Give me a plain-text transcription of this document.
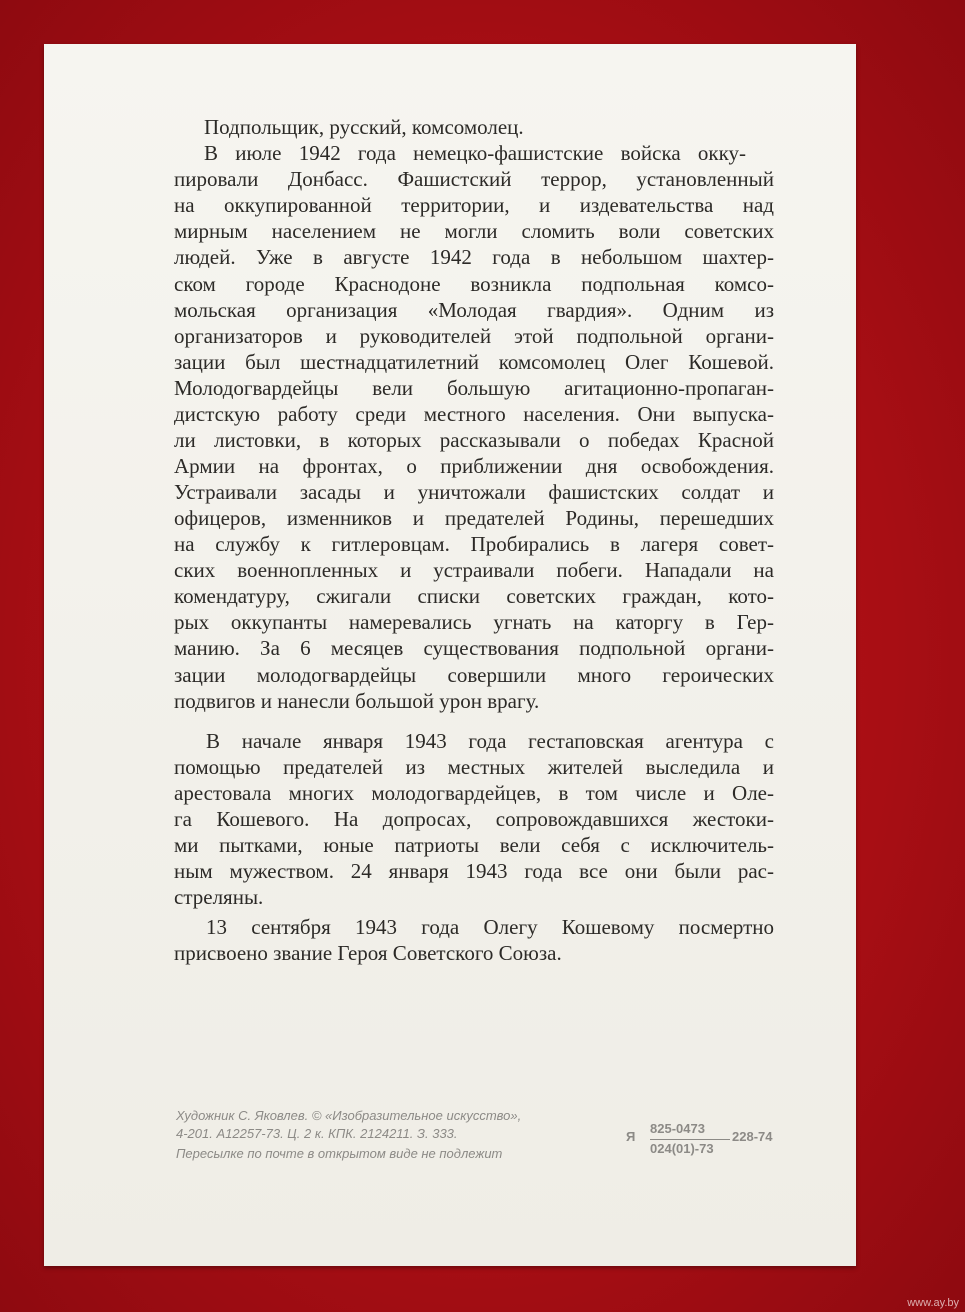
Подпольщик, русский, комсомолец.
В июле 1942 года немецко-фашистские войска окку-
пировали Донбасс. Фашистский террор, установленный
на оккупированной территории, и издевательства над
мирным населением не могли сломить воли советских
людей. Уже в августе 1942 года в небольшом шахтер-
ском городе Краснодоне возникла подпольная комсо-
мольская организация «Молодая гвардия». Одним из
организаторов и руководителей этой подпольной органи-
зации был шестнадцатилетний комсомолец Олег Кошевой.
Молодогвардейцы вели большую агитационно-пропаган-
дистскую работу среди местного населения. Они выпуска-
ли листовки, в которых рассказывали о победах Красной
Армии на фронтах, о приближении дня освобождения.
Устраивали засады и уничтожали фашистских солдат и
офицеров, изменников и предателей Родины, перешедших
на службу к гитлеровцам. Пробирались в лагеря совет-
ских военнопленных и устраивали побеги. Нападали на
комендатуру, сжигали списки советских граждан, кото-
рых оккупанты намеревались угнать на каторгу в Гер-
манию. За 6 месяцев существования подпольной органи-
зации молодогвардейцы совершили много героических
подвигов и нанесли большой урон врагу.
В начале января 1943 года гестаповская агентура с
помощью предателей из местных жителей выследила и
арестовала многих молодогвардейцев, в том числе и Оле-
га Кошевого. На допросах, сопровождавшихся жестоки-
ми пытками, юные патриоты вели себя с исключитель-
ным мужеством. 24 января 1943 года все они были рас-
стреляны.
13 сентября 1943 года Олегу Кошевому посмертно
присвоено звание Героя Советского Союза.
Художник С. Яковлев. © «Изобразительное искусство»,
4-201. А12257-73. Ц. 2 к. КПК. 2124211. З. 333.
Пересылке по почте в открытом виде не подлежит
Я
825-0473
024(01)-73
228-74
www.ay.by
